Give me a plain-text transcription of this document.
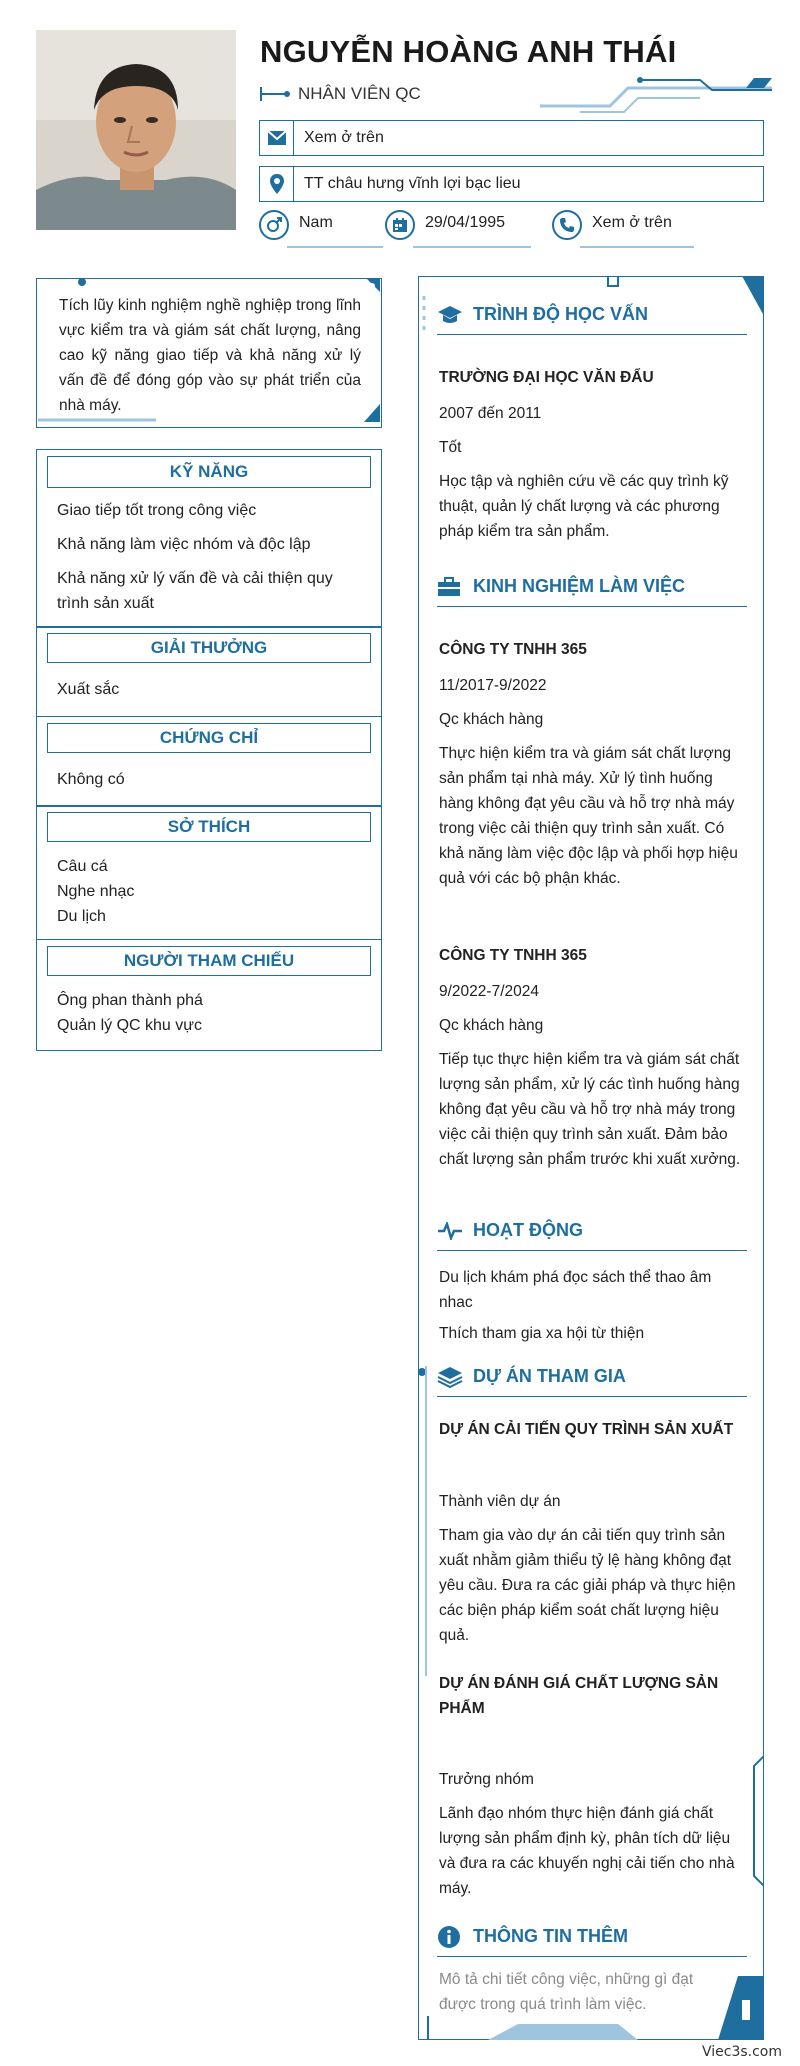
NGUYỄN HOÀNG ANH THÁI
NHÂN VIÊN QC
Xem ở trên
TT châu hưng vĩnh lợi bạc lieu
Nam	29/04/1995	Xem ở trên

Tích lũy kinh nghiệm nghề nghiệp trong lĩnh vực kiểm tra và giám sát chất lượng, nâng cao kỹ năng giao tiếp và khả năng xử lý vấn đề để đóng góp vào sự phát triển của nhà máy.

KỸ NĂNG
Giao tiếp tốt trong công việc
Khả năng làm việc nhóm và độc lập
Khả năng xử lý vấn đề và cải thiện quy trình sản xuất
GIẢI THƯỞNG
Xuất sắc
CHỨNG CHỈ
Không có
SỞ THÍCH
Câu cá
Nghe nhạc
Du lịch
NGƯỜI THAM CHIẾU
Ông phan thành phá
Quản lý QC khu vực
TRÌNH ĐỘ HỌC VẤN
TRƯỜNG ĐẠI HỌC VĂN ĐẨU
2007 đến 2011
Tốt
Học tập và nghiên cứu về các quy trình kỹ thuật, quản lý chất lượng và các phương pháp kiểm tra sản phẩm.
KINH NGHIỆM LÀM VIỆC
CÔNG TY TNHH 365
11/2017-9/2022
Qc khách hàng
Thực hiện kiểm tra và giám sát chất lượng sản phẩm tại nhà máy. Xử lý tình huống hàng không đạt yêu cầu và hỗ trợ nhà máy trong việc cải thiện quy trình sản xuất. Có khả năng làm việc độc lập và phối hợp hiệu quả với các bộ phận khác.
CÔNG TY TNHH 365
9/2022-7/2024
Qc khách hàng
Tiếp tục thực hiện kiểm tra và giám sát chất lượng sản phẩm, xử lý các tình huống hàng không đạt yêu cầu và hỗ trợ nhà máy trong việc cải thiện quy trình sản xuất. Đảm bảo chất lượng sản phẩm trước khi xuất xưởng.
HOẠT ĐỘNG
Du lịch khám phá đọc sách thể thao âm nhac
Thích tham gia xa hội từ thiện
DỰ ÁN THAM GIA
DỰ ÁN CẢI TIẾN QUY TRÌNH SẢN XUẤT
Thành viên dự án
Tham gia vào dự án cải tiến quy trình sản xuất nhằm giảm thiểu tỷ lệ hàng không đạt yêu cầu. Đưa ra các giải pháp và thực hiện các biện pháp kiểm soát chất lượng hiệu quả.
DỰ ÁN ĐÁNH GIÁ CHẤT LƯỢNG SẢN PHẨM
Trưởng nhóm
Lãnh đạo nhóm thực hiện đánh giá chất lượng sản phẩm định kỳ, phân tích dữ liệu và đưa ra các khuyến nghị cải tiến cho nhà máy.
THÔNG TIN THÊM
Mô tả chi tiết công việc, những gì đạt được trong quá trình làm việc.
Viec3s.com
